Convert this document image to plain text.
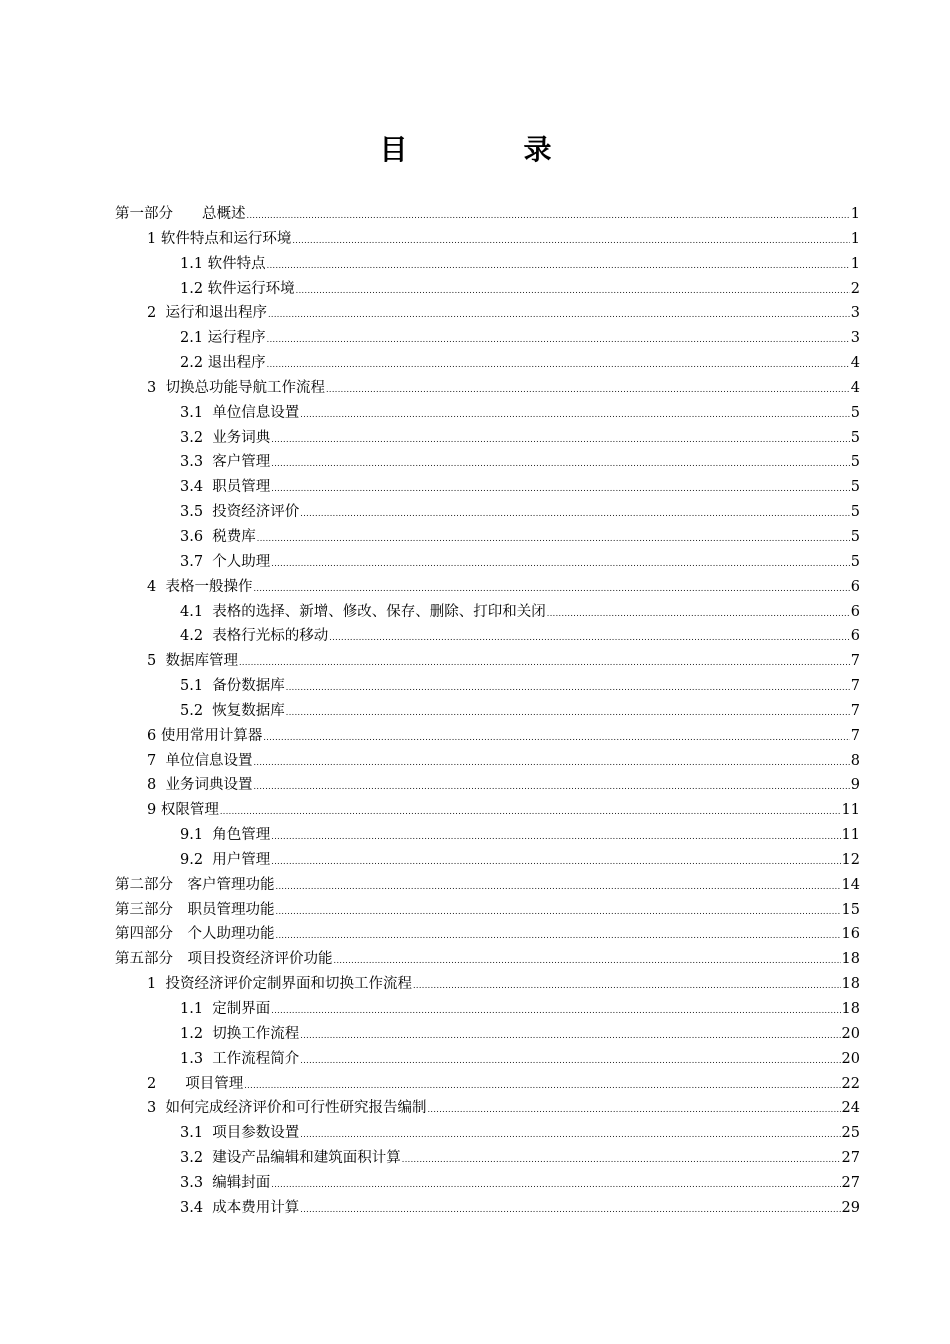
目　录
第一部分　　总概述 .....	1
1 软件特点和运行环境 .....	1
1.1 软件特点 .....	1
1.2 软件运行环境 .....	2
2  运行和退出程序 .....	3
2.1 运行程序 .....	3
2.2 退出程序 .....	4
3  切换总功能导航工作流程 .....	4
3.1  单位信息设置 .....	5
3.2  业务词典 .....	5
3.3  客户管理 .....	5
3.4  职员管理 .....	5
3.5  投资经济评价 .....	5
3.6  税费库 .....	5
3.7  个人助理 .....	5
4  表格一般操作 .....	6
4.1  表格的选择、新增、修改、保存、删除、打印和关闭 .....	6
4.2  表格行光标的移动 .....	6
5  数据库管理 .....	7
5.1  备份数据库 .....	7
5.2  恢复数据库 .....	7
6 使用常用计算器 .....	7
7  单位信息设置 .....	8
8  业务词典设置 .....	9
9 权限管理 .....	11
9.1  角色管理 .....	11
9.2  用户管理 .....	12
第二部分　客户管理功能 .....	14
第三部分　职员管理功能 .....	15
第四部分　个人助理功能 .....	16
第五部分　项目投资经济评价功能 .....	18
1  投资经济评价定制界面和切换工作流程 .....	18
1.1  定制界面 .....	18
1.2  切换工作流程 .....	20
1.3  工作流程简介 .....	20
2　　项目管理 .....	22
3  如何完成经济评价和可行性研究报告编制 .....	24
3.1  项目参数设置 .....	25
3.2  建设产品编辑和建筑面积计算 .....	27
3.3  编辑封面 .....	27
3.4  成本费用计算 .....	29
